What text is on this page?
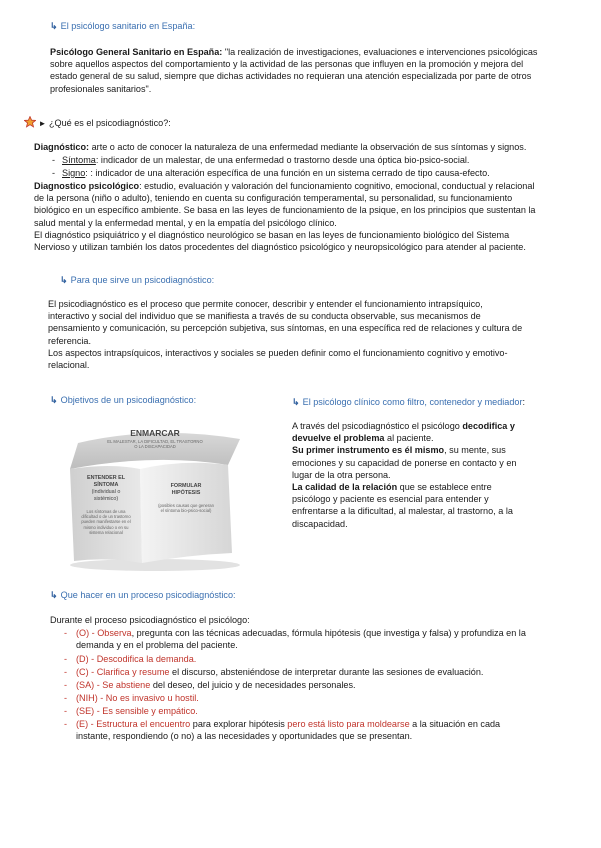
↳ El psicólogo sanitario en España:
Psicólogo General Sanitario en España: "la realización de investigaciones, evaluaciones e intervenciones psicológicas
sobre aquellos aspectos del comportamiento y la actividad de las personas que influyen en la promoción y mejora del
estado general de su salud, siempre que dichas actividades no requieran una atención especializada por parte de otros
profesionales sanitarios".
► ¿Qué es el psicodiagnóstico?:
Diagnóstico: arte o acto de conocer la naturaleza de una enfermedad mediante la observación de sus síntomas y signos.
- Síntoma: indicador de un malestar, de una enfermedad o trastorno desde una óptica bio-psico-social.
- Signo: : indicador de una alteración específica de una función en un sistema cerrado de tipo causa-efecto.
Diagnostico psicológico: estudio, evaluación y valoración del funcionamiento cognitivo, emocional, conductual y relacional
de la persona (niño o adulto), teniendo en cuenta su configuración temperamental, su personalidad, su funcionamiento
biológico en un específico ambiente. Se basa en las leyes de funcionamiento de la psique, en los principios que sustentan la
salud mental y la enfermedad mental, y en la empatía del psicólogo clínico.
El diagnóstico psiquiátrico y el diagnóstico neurológico se basan en las leyes de funcionamiento biológico del Sistema
Nervioso y utilizan también los datos procedentes del diagnóstico psicológico y neuropsicológico para atender al paciente.
↳ Para que sirve un psicodiagnóstico:
El psicodiagnóstico es el proceso que permite conocer, describir y entender el funcionamiento intrapsíquico,
interactivo y social del individuo que se manifiesta a través de su conducta observable, sus mecanismos de
pensamiento y comunicación, su percepción subjetiva, sus síntomas, en una específica red de relaciones y cultura de
referencia.
Los aspectos intrapsíquicos, interactivos y sociales se pueden definir como el funcionamiento cognitivo y emotivo-
relacional.
↳ Objetivos de un psicodiagnóstico:
ENMARCAR
EL MALESTAR, LA DIFICULTAD, EL TRASTORNO
O LA DISCAPACIDAD
ENTENDER EL
SÍNTOMA
(individual o
sistémico)
Los síntomas de una
dificultad o de un trastorno
pueden manifestarse en el
mismo individuo o en su
sistema relacional
FORMULAR
HIPÓTESIS
(posibles causas que generan
el síntoma bio-psico-social)
↳ El psicólogo clínico como filtro, contenedor y mediador:
A través del psicodiagnóstico el psicólogo decodifica y
devuelve el problema al paciente.
Su primer instrumento es él mismo, su mente, sus
emociones y su capacidad de ponerse en contacto y en
lugar de la otra persona.
La calidad de la relación que se establece entre
psicólogo y paciente es esencial para entender y
enfrentarse a la dificultad, al malestar, al trastorno, a la
discapacidad.
↳ Que hacer en un proceso psicodiagnóstico:
Durante el proceso psicodiagnóstico el psicólogo:
- (O) - Observa, pregunta con las técnicas adecuadas, fórmula hipótesis (que investiga y falsa) y profundiza en la
demanda y en el problema del paciente.
- (D) - Descodifica la demanda.
- (C) - Clarifica y resume el discurso, absteniéndose de interpretar durante las sesiones de evaluación.
- (SA) - Se abstiene del deseo, del juicio y de necesidades personales.
- (NIH) - No es invasivo u hostil.
- (SE) - Es sensible y empático.
- (E) - Estructura el encuentro para explorar hipótesis pero está listo para moldearse a la situación en cada
instante, respondiendo (o no) a las necesidades y oportunidades que se presentan.
